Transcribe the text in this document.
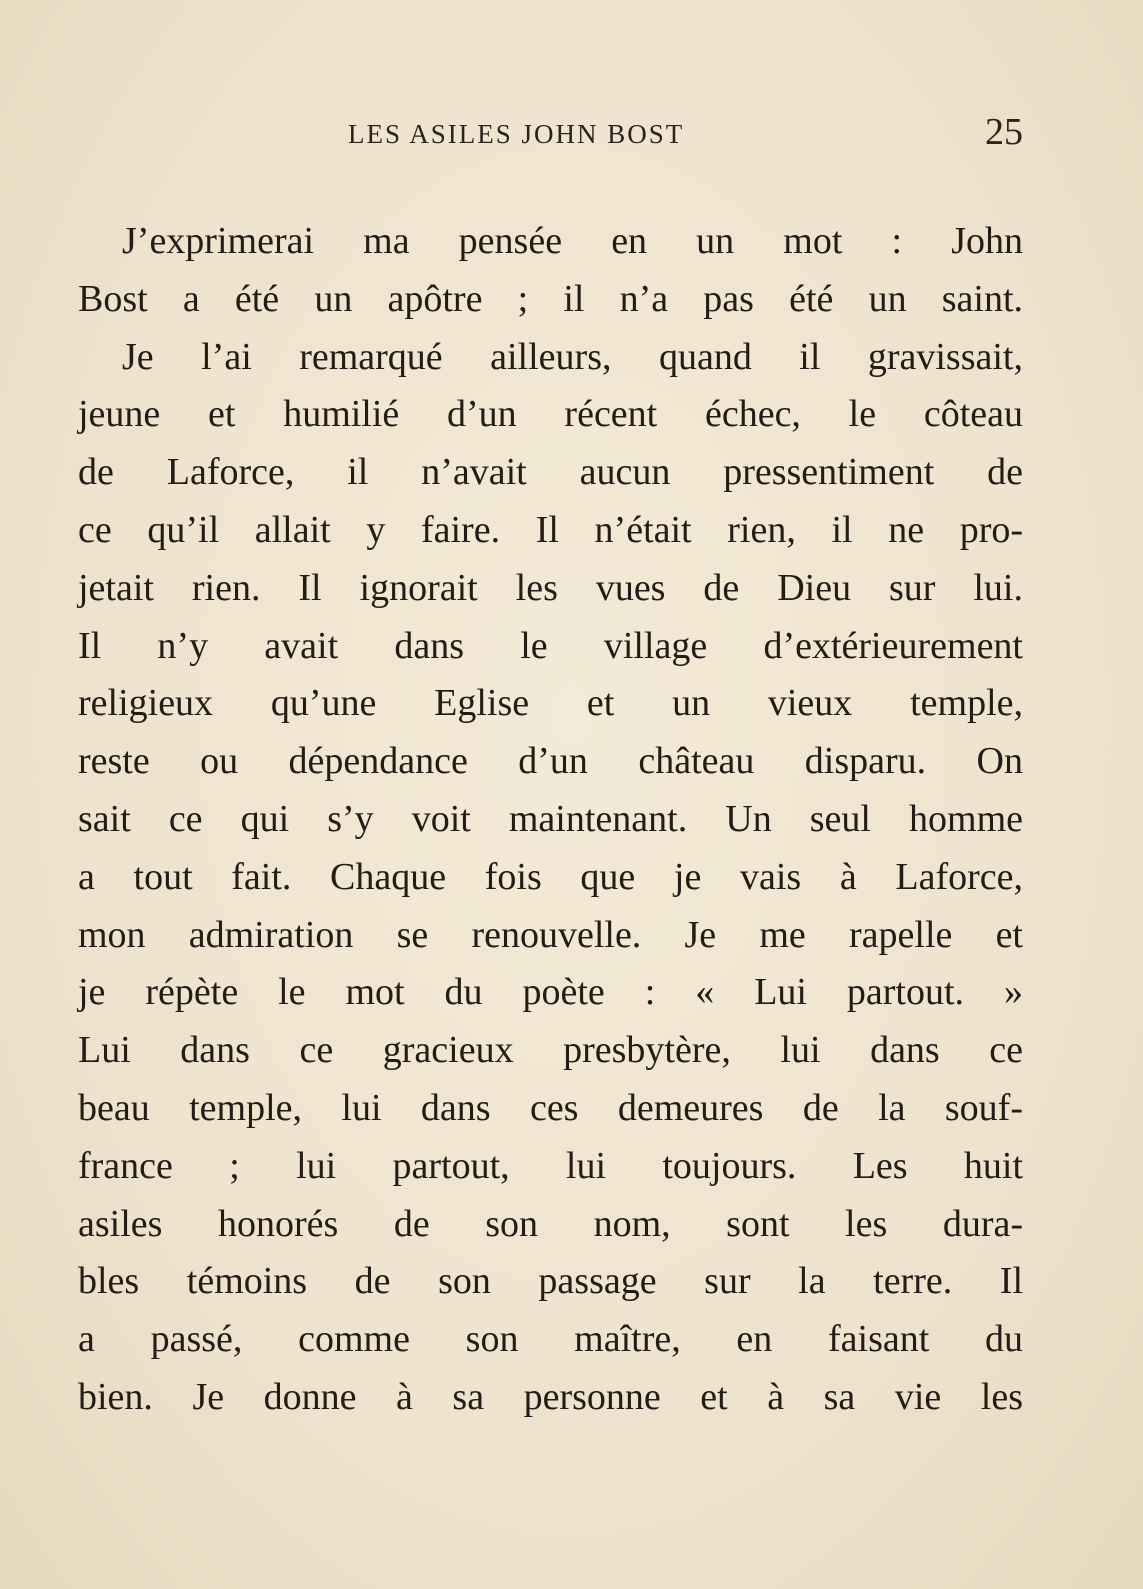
LES ASILES JOHN BOST	25
J’exprimerai ma pensée en un mot : John
Bost a été un apôtre ; il n’a pas été un saint.
Je l’ai remarqué ailleurs, quand il gravissait,
jeune et humilié d’un récent échec, le côteau
de Laforce, il n’avait aucun pressentiment de
ce qu’il allait y faire. Il n’était rien, il ne pro-
jetait rien. Il ignorait les vues de Dieu sur lui.
Il n’y avait dans le village d’extérieurement
religieux qu’une Eglise et un vieux temple,
reste ou dépendance d’un château disparu. On
sait ce qui s’y voit maintenant. Un seul homme
a tout fait. Chaque fois que je vais à Laforce,
mon admiration se renouvelle. Je me rapelle et
je répète le mot du poète : « Lui partout. »
Lui dans ce gracieux presbytère, lui dans ce
beau temple, lui dans ces demeures de la souf-
france ; lui partout, lui toujours. Les huit
asiles honorés de son nom, sont les dura-
bles témoins de son passage sur la terre. Il
a passé, comme son maître, en faisant du
bien. Je donne à sa personne et à sa vie les
